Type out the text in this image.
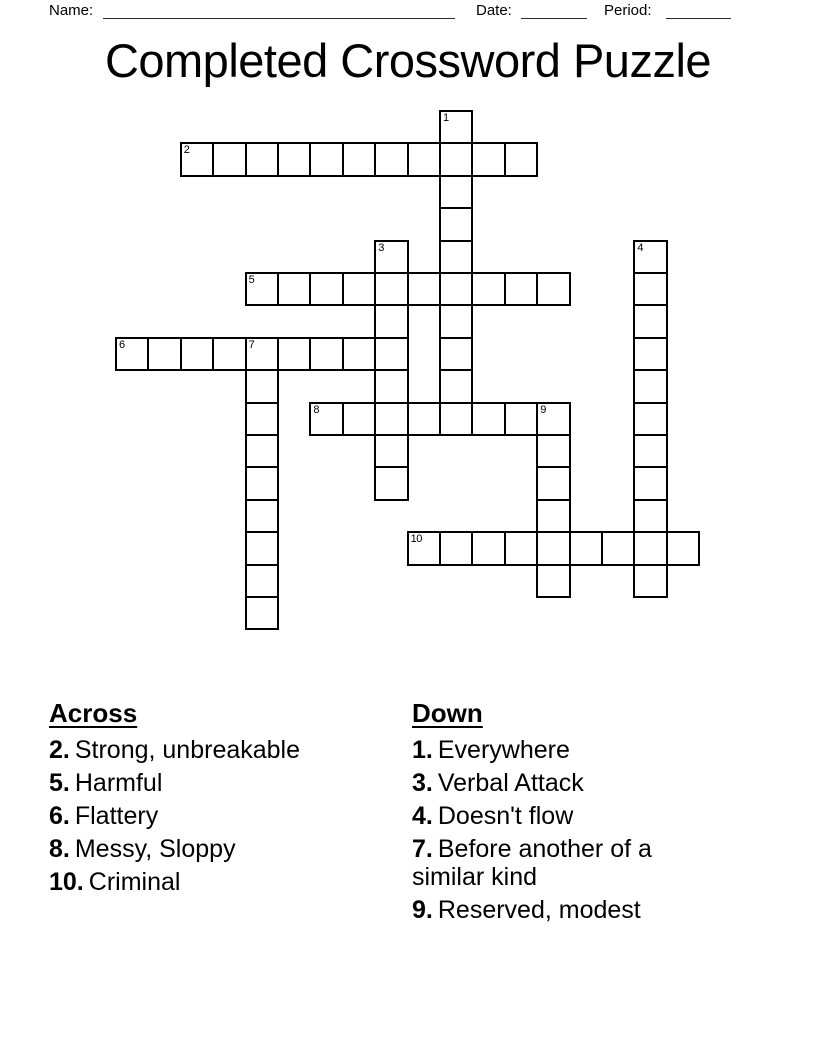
Name:	Date:	Period:
Completed Crossword Puzzle
1
2
3	4
5
6	7
8	9
10
Across
2. Strong, unbreakable
5. Harmful
6. Flattery
8. Messy, Sloppy
10. Criminal
Down
1. Everywhere
3. Verbal Attack
4. Doesn't flow
7. Before another of a similar kind
9. Reserved, modest
